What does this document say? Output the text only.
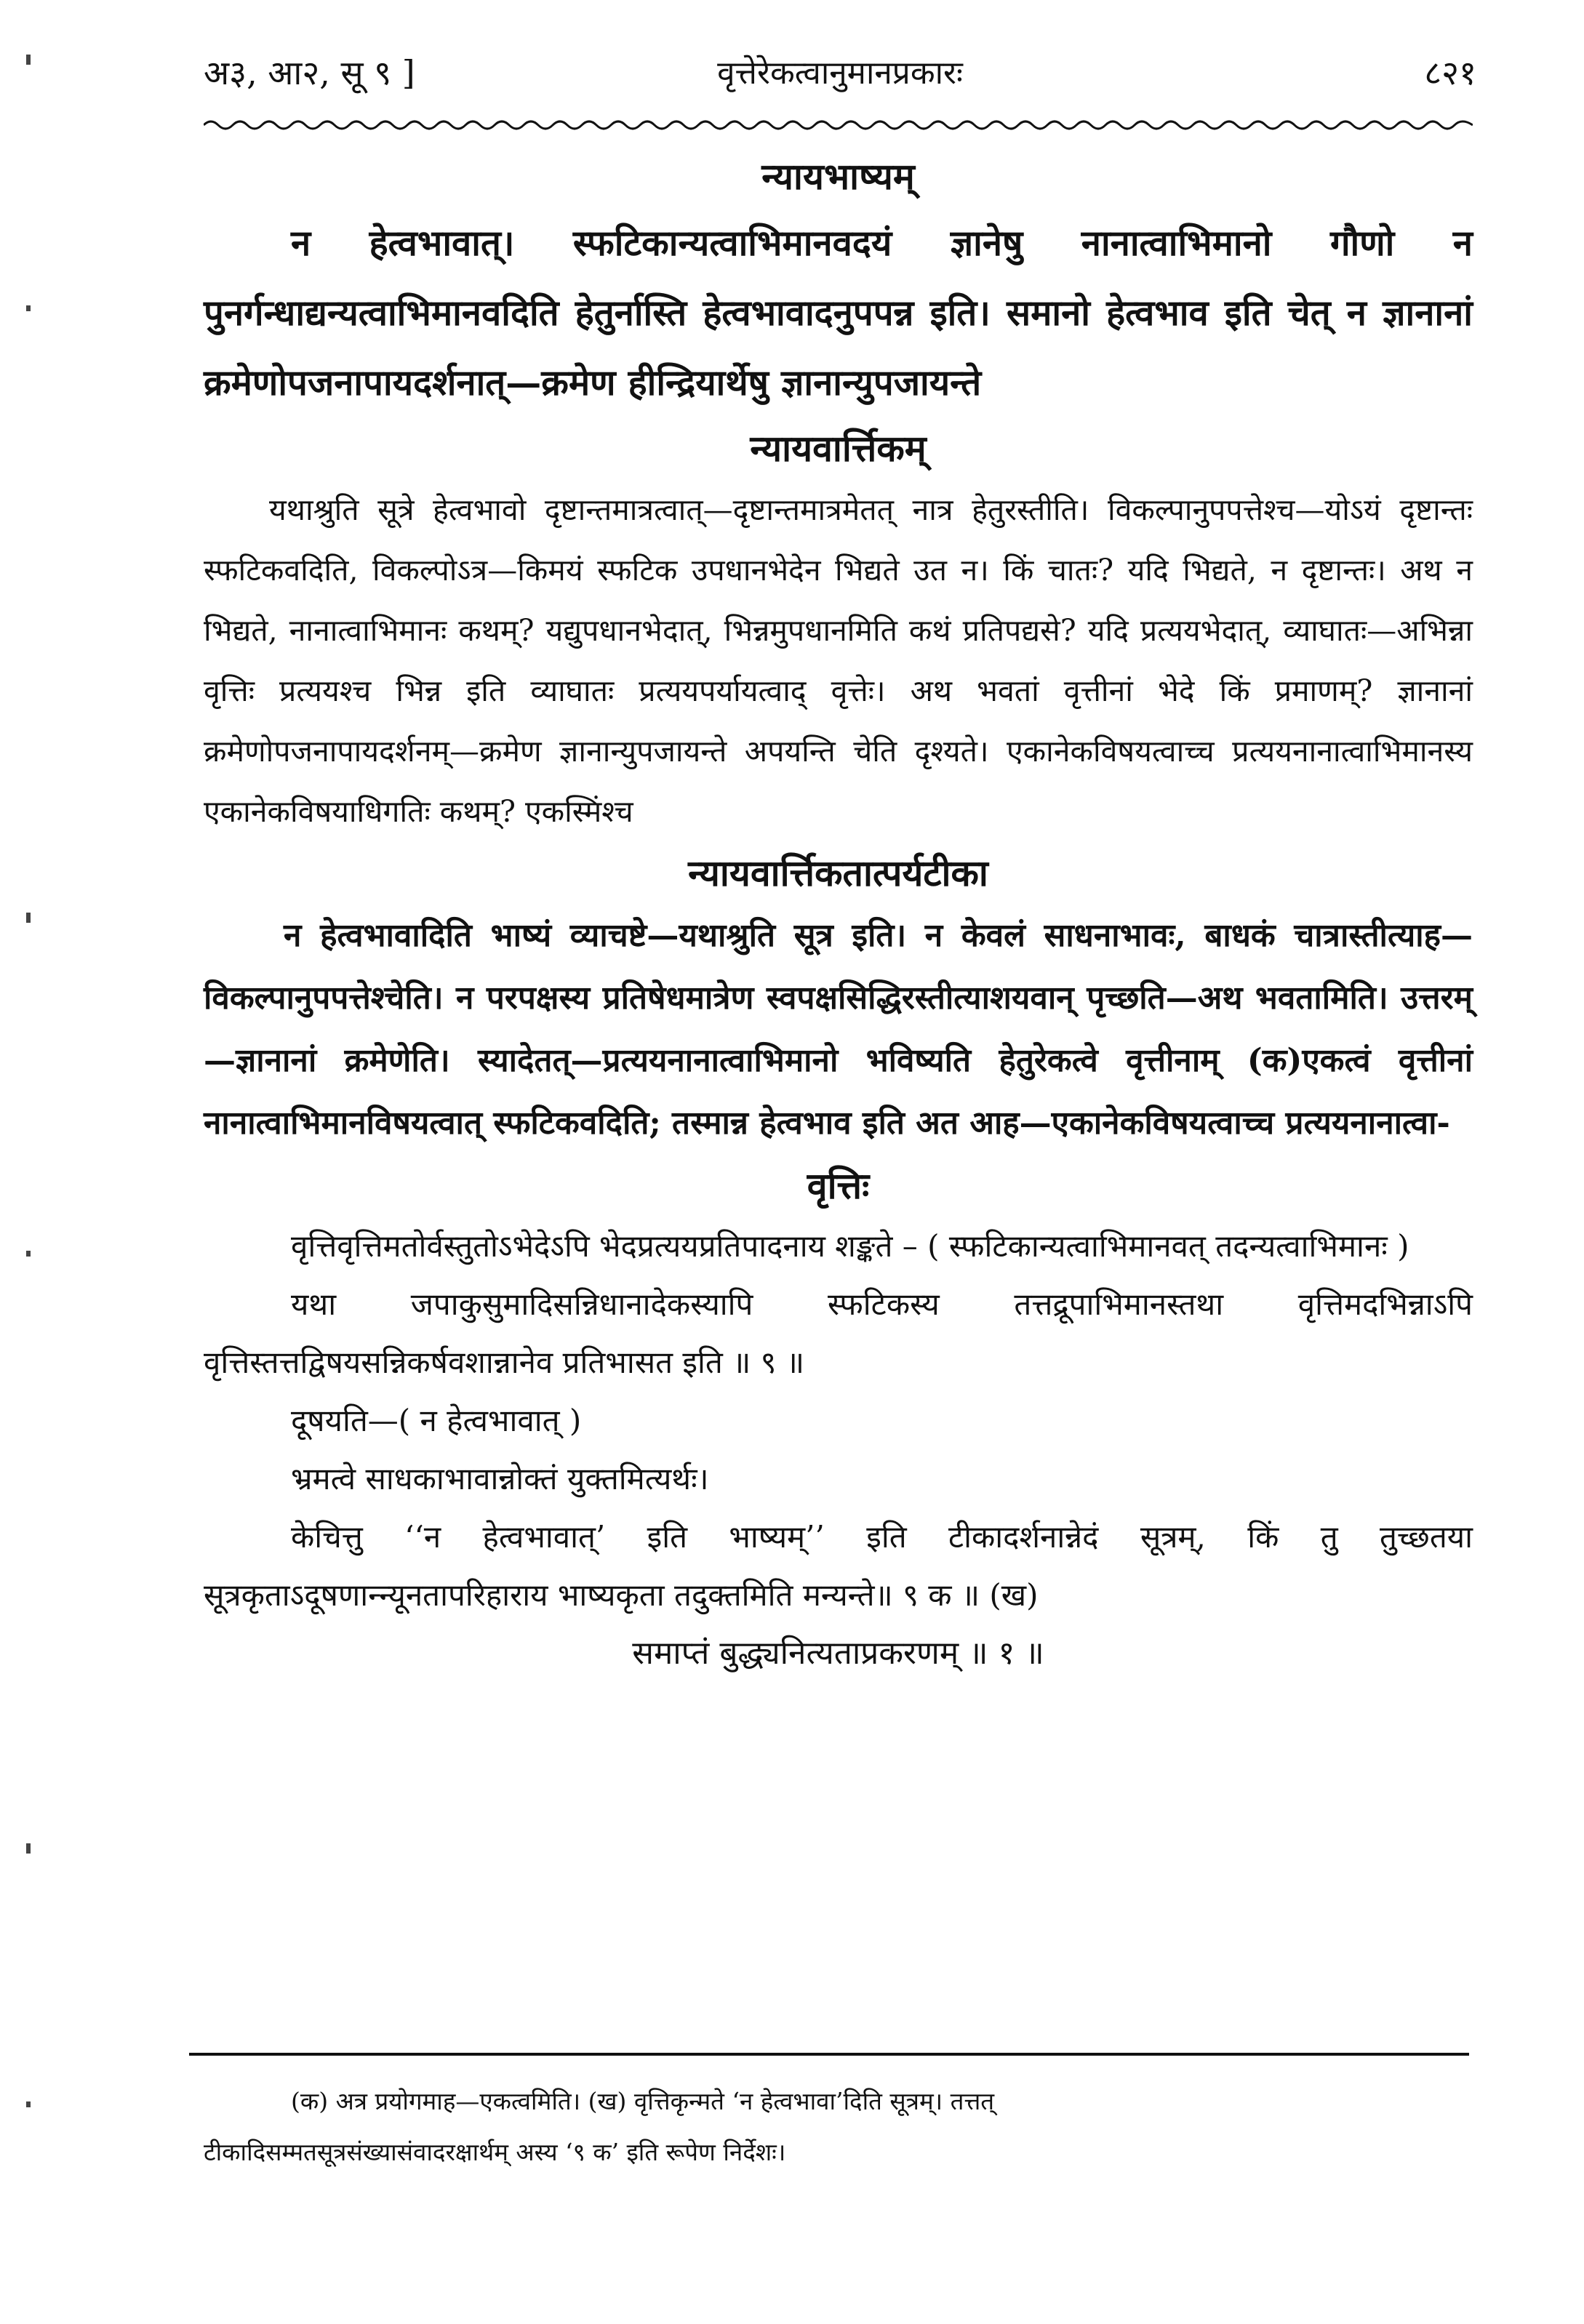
अ३, आ२, सू ९ ]	वृत्तेरेकत्वानुमानप्रकारः	८२१
न्यायभाष्यम्

न हेत्वभावात्। स्फटिकान्यत्वाभिमानवदयं ज्ञानेषु नानात्वाभिमानो गौणो न पुनर्गन्धाद्यन्यत्वाभिमानवदिति हेतुर्नास्ति हेत्वभावादनुपपन्न इति। समानो हेत्वभाव इति चेत् न ज्ञानानां क्रमेणोपजनापायदर्शनात्—क्रमेण हीन्द्रियार्थेषु ज्ञानान्युपजायन्ते

न्यायवार्त्तिकम्

यथाश्रुति सूत्रे हेत्वभावो दृष्टान्तमात्रत्वात्—दृष्टान्तमात्रमेतत् नात्र हेतुरस्तीति। विकल्पानुपपत्तेश्च—योऽयं दृष्टान्तः स्फटिकवदिति, विकल्पोऽत्र—किमयं स्फटिक उपधानभेदेन भिद्यते उत न। किं चातः? यदि भिद्यते, न दृष्टान्तः। अथ न भिद्यते, नानात्वाभिमानः कथम्? यद्युपधानभेदात्, भिन्नमुपधानमिति कथं प्रतिपद्यसे? यदि प्रत्ययभेदात्, व्याघातः—अभिन्ना वृत्तिः प्रत्ययश्च भिन्न इति व्याघातः प्रत्ययपर्यायत्वाद् वृत्तेः। अथ भवतां वृत्तीनां भेदे किं प्रमाणम्? ज्ञानानां क्रमेणोपजनापायदर्शनम्—क्रमेण ज्ञानान्युपजायन्ते अपयन्ति चेति दृश्यते। एकानेकविषयत्वाच्च प्रत्ययनानात्वाभिमानस्य एकानेकविषयाधिगतिः कथम्? एकस्मिंश्च

न्यायवार्त्तिकतात्पर्यटीका

न हेत्वभावादिति भाष्यं व्याचष्टे—यथाश्रुति सूत्र इति। न केवलं साधनाभावः, बाधकं चात्रास्तीत्याह—विकल्पानुपपत्तेश्चेति। न परपक्षस्य प्रतिषेधमात्रेण स्वपक्षसिद्धिरस्तीत्याशयवान् पृच्छति—अथ भवतामिति। उत्तरम्—ज्ञानानां क्रमेणेति। स्यादेतत्—प्रत्ययनानात्वाभिमानो भविष्यति हेतुरेकत्वे वृत्तीनाम् (क)एकत्वं वृत्तीनां नानात्वाभिमानविषयत्वात् स्फटिकवदिति; तस्मान्न हेत्वभाव इति अत आह—एकानेकविषयत्वाच्च प्रत्ययनानात्वा-

वृत्तिः

वृत्तिवृत्तिमतोर्वस्तुतोऽभेदेऽपि भेदप्रत्ययप्रतिपादनाय शङ्कते – ( स्फटिकान्यत्वाभिमानवत् तदन्यत्वाभिमानः )

यथा जपाकुसुमादिसन्निधानादेकस्यापि स्फटिकस्य तत्तद्रूपाभिमानस्तथा वृत्तिमदभिन्नाऽपि वृत्तिस्तत्तद्विषयसन्निकर्षवशान्नानेव प्रतिभासत इति ॥ ९ ॥

दूषयति—( न हेत्वभावात् )

भ्रमत्वे साधकाभावान्नोक्तं युक्तमित्यर्थः।

केचित्तु ‘‘न हेत्वभावात्’ इति भाष्यम्’’ इति टीकादर्शनान्नेदं सूत्रम्, किं तु तुच्छतया सूत्रकृताऽदूषणान्न्यूनतापरिहाराय भाष्यकृता तदुक्तमिति मन्यन्ते॥ ९ क ॥ (ख)

समाप्तं बुद्ध्यनित्यताप्रकरणम् ॥ १ ॥

(क) अत्र प्रयोगमाह—एकत्वमिति। (ख) वृत्तिकृन्मते ‘न हेत्वभावा’दिति सूत्रम्। तत्तत्

टीकादिसम्मतसूत्रसंख्यासंवादरक्षार्थम् अस्य ‘९ क’ इति रूपेण निर्देशः।
